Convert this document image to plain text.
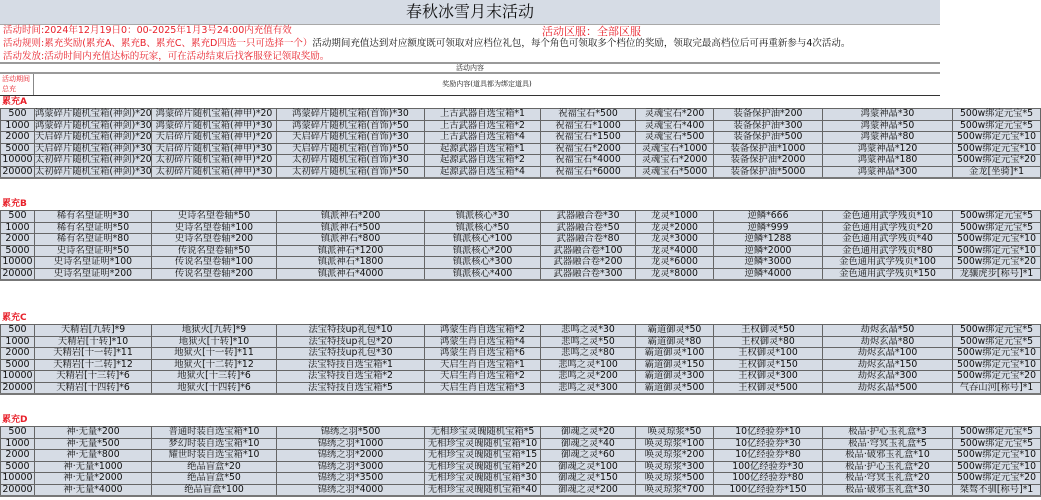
春秋冰雪月末活动
活动时间:2024年12月19日0：00-2025年1月3号24:00内充值有效	活动区服：全部区服
活动规则:累充奖励(累充A、累充B、累充C、累充D四选一只可选择一个）活动期间充值达到对应额度既可领取对应档位礼包，每个角色可领取多个档位的奖励，领取完最高档位后可再重新参与4次活动。
活动发放:活动时间内充值达标的玩家，可在活动结束后找客服登记领取奖励。
活动内容
活动期间总充
奖励内容(道具都为绑定道具)
累充A
500	鸿蒙碎片随机宝箱(神剑)*20	鸿蒙碎片随机宝箱(神甲)*20	鸿蒙碎片随机宝箱(首饰)*30	上古武器自选宝箱*1	祝福宝石*500	灵魂宝石*200	装备保护油*200	鸿蒙神晶*30	500w绑定元宝*5
1000	鸿蒙碎片随机宝箱(神剑)*30	鸿蒙碎片随机宝箱(神甲)*30	鸿蒙碎片随机宝箱(首饰)*50	上古武器自选宝箱*2	祝福宝石*1000	灵魂宝石*400	装备保护油*300	鸿蒙神晶*50	500w绑定元宝*5
2000	天启碎片随机宝箱(神剑)*20	天启碎片随机宝箱(神甲)*20	天启碎片随机宝箱(首饰)*30	上古武器自选宝箱*4	祝福宝石*1500	灵魂宝石*500	装备保护油*500	鸿蒙神晶*80	500w绑定元宝*10
5000	天启碎片随机宝箱(神剑)*30	天启碎片随机宝箱(神甲)*30	天启碎片随机宝箱(首饰)*50	起源武器自选宝箱*1	祝福宝石*2000	灵魂宝石*1000	装备保护油*1000	鸿蒙神晶*120	500w绑定元宝*10
10000	太初碎片随机宝箱(神剑)*20	太初碎片随机宝箱(神甲)*20	太初碎片随机宝箱(首饰)*30	起源武器自选宝箱*2	祝福宝石*4000	灵魂宝石*2000	装备保护油*2000	鸿蒙神晶*180	500w绑定元宝*20
20000	太初碎片随机宝箱(神剑)*30	太初碎片随机宝箱(神甲)*30	太初碎片随机宝箱(首饰)*50	起源武器自选宝箱*4	祝福宝石*6000	灵魂宝石*5000	装备保护油*5000	鸿蒙神晶*300	金龙[坐骑]*1
累充B
500	稀有名望证明*30	史诗名望卷轴*50	镇派神石*200	镇派核心*30	武器融合卷*30	龙灵*1000	逆鳞*666	金色通用武学残页*10	500w绑定元宝*5
1000	稀有名望证明*50	史诗名望卷轴*100	镇派神石*500	镇派核心*50	武器融合卷*50	龙灵*2000	逆鳞*999	金色通用武学残页*20	500w绑定元宝*5
2000	稀有名望证明*80	史诗名望卷轴*200	镇派神石*800	镇派核心*100	武器融合卷*80	龙灵*3000	逆鳞*1288	金色通用武学残页*40	500w绑定元宝*10
5000	史诗名望证明*50	传说名望卷轴*50	镇派神石*1200	镇派核心*200	武器融合卷*100	龙灵*4000	逆鳞*2000	金色通用武学残页*80	500w绑定元宝*10
10000	史诗名望证明*100	传说名望卷轴*100	镇派神石*1800	镇派核心*300	武器融合卷*200	龙灵*6000	逆鳞*3000	金色通用武学残页*100	500w绑定元宝*20
20000	史诗名望证明*200	传说名望卷轴*200	镇派神石*4000	镇派核心*400	武器融合卷*300	龙灵*8000	逆鳞*4000	金色通用武学残页*150	龙骧虎步[称号]*1
累充C
500	天精岩[九转]*9	地狱火[九转]*9	法宝特技up礼包*10	鸿蒙生肖自选宝箱*2	悲鸣之灵*30	霸道御灵*50	王权御灵*50	劫烬玄晶*50	500w绑定元宝*5
1000	天精岩[十转]*10	地狱火[十转]*10	法宝特技up礼包*20	鸿蒙生肖自选宝箱*4	悲鸣之灵*50	霸道御灵*80	王权御灵*80	劫烬玄晶*80	500w绑定元宝*5
2000	天精岩[十一转]*11	地狱火[十一转]*11	法宝特技up礼包*30	鸿蒙生肖自选宝箱*6	悲鸣之灵*80	霸道御灵*100	王权御灵*100	劫烬玄晶*100	500w绑定元宝*10
5000	天精岩[十二转]*12	地狱火[十二转]*12	法宝特技自选宝箱*1	天启生肖自选宝箱*1	悲鸣之灵*100	霸道御灵*150	王权御灵*150	劫烬玄晶*150	500w绑定元宝*10
10000	天精岩[十三转]*6	地狱火[十三转]*6	法宝特技自选宝箱*2	天启生肖自选宝箱*2	悲鸣之灵*200	霸道御灵*300	王权御灵*300	劫烬玄晶*300	500w绑定元宝*20
20000	天精岩[十四转]*6	地狱火[十四转]*6	法宝特技自选宝箱*5	天启生肖自选宝箱*3	悲鸣之灵*300	霸道御灵*500	王权御灵*500	劫烬玄晶*500	气吞山河[称号]*1
累充D
500	神·无量*200	普通时装自选宝箱*10	锦绣之羽*500	无相珍宝灵魄随机宝箱*5	御魂之灵*20	唤灵琼浆*50	10亿经验券*10	极品·护心玉礼盒*3	500w绑定元宝*5
1000	神·无量*500	梦幻时装自选宝箱*10	锦绣之羽*1000	无相珍宝灵魄随机宝箱*10	御魂之灵*40	唤灵琼浆*100	10亿经验券*30	极品·穹冥玉礼盒*5	500w绑定元宝*5
2000	神·无量*800	耀世时装自选宝箱*10	锦绣之羽*2000	无相珍宝灵魄随机宝箱*15	御魂之灵*60	唤灵琼浆*200	10亿经验券*80	极品·破邪玉礼盒*10	500w绑定元宝*10
5000	神·无量*1000	绝品盲盒*20	锦绣之羽*3000	无相珍宝灵魄随机宝箱*20	御魂之灵*100	唤灵琼浆*300	100亿经验券*30	极品·护心玉礼盒*20	500w绑定元宝*10
10000	神·无量*2000	绝品盲盒*50	锦绣之羽*3500	无相珍宝灵魄随机宝箱*30	御魂之灵*150	唤灵琼浆*500	100亿经验券*80	极品·穹冥玉礼盒*20	500w绑定元宝*20
20000	神·无量*4000	绝品盲盒*100	锦绣之羽*4000	无相珍宝灵魄随机宝箱*40	御魂之灵*200	唤灵琼浆*700	100亿经验券*150	极品·破邪玉礼盒*30	桀骜不驯[称号]*1
